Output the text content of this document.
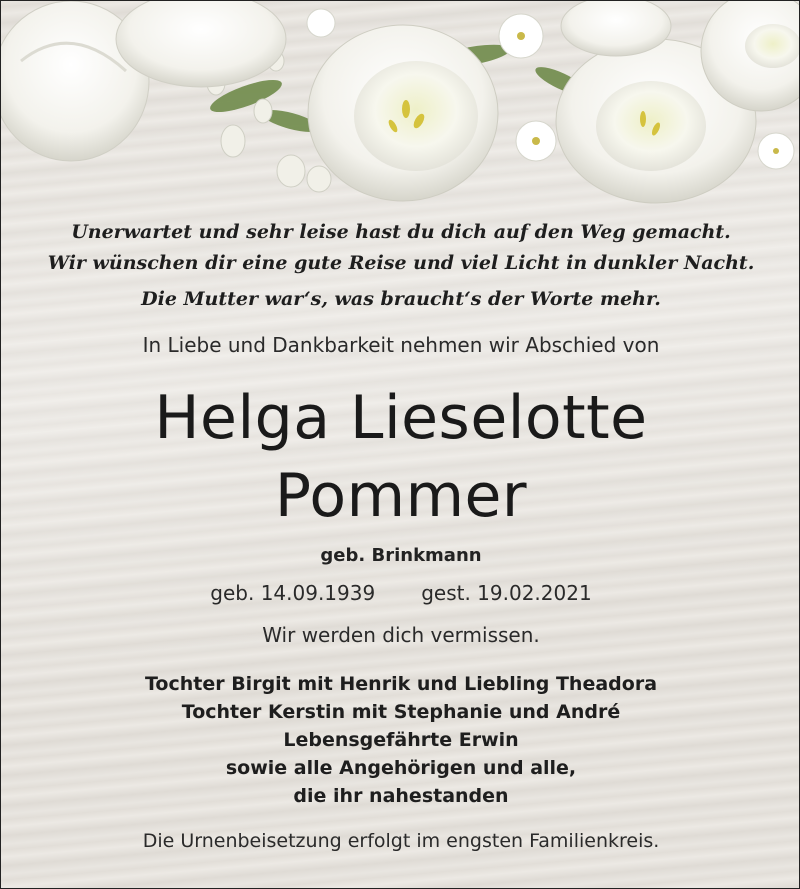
Unerwartet und sehr leise hast du dich auf den Weg gemacht.
Wir wünschen dir eine gute Reise und viel Licht in dunkler Nacht.
Die Mutter war‘s, was braucht‘s der Worte mehr.
In Liebe und Dankbarkeit nehmen wir Abschied von
Helga Lieselotte
Pommer
geb. Brinkmann
geb. 14.09.1939 gest. 19.02.2021
Wir werden dich vermissen.
Tochter Birgit mit Henrik und Liebling Theadora
Tochter Kerstin mit Stephanie und André
Lebensgefährte Erwin
sowie alle Angehörigen und alle,
die ihr nahestanden
Die Urnenbeisetzung erfolgt im engsten Familienkreis.
